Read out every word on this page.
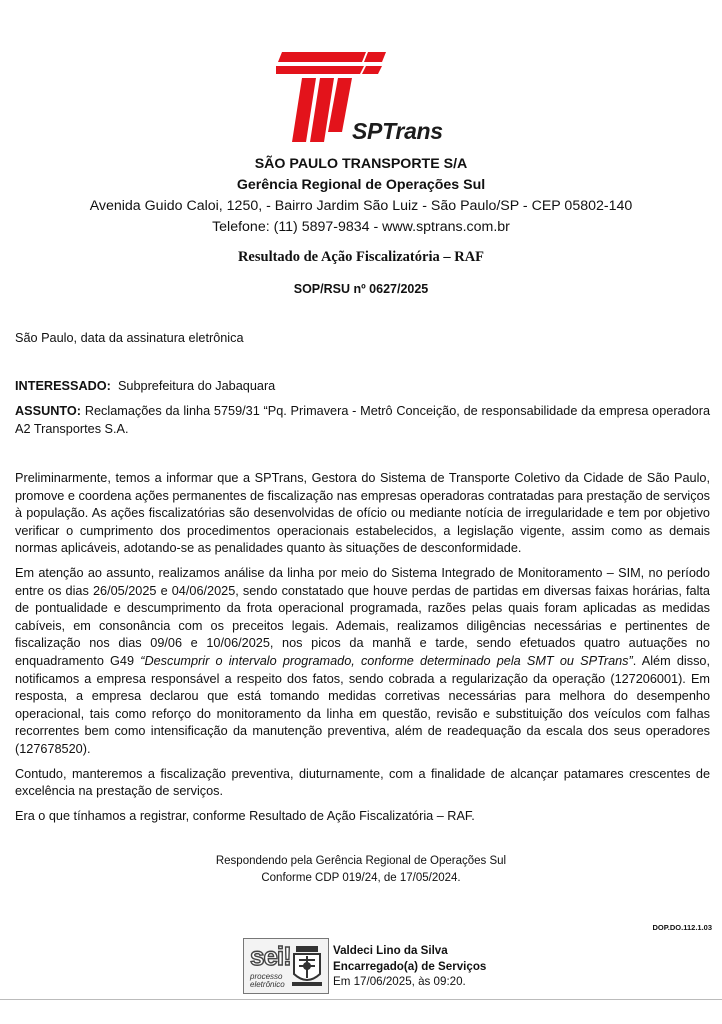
SPTrans
SÃO PAULO TRANSPORTE S/A
Gerência Regional de Operações Sul
Avenida Guido Caloi, 1250, - Bairro Jardim São Luiz - São Paulo/SP - CEP 05802-140
Telefone: (11) 5897-9834 - www.sptrans.com.br
Resultado de Ação Fiscalizatória – RAF
SOP/RSU nº 0627/2025
São Paulo, data da assinatura eletrônica
INTERESSADO: Subprefeitura do Jabaquara
ASSUNTO: Reclamações da linha 5759/31 “Pq. Primavera - Metrô Conceição, de responsabilidade da empresa operadora A2 Transportes S.A.

Preliminarmente, temos a informar que a SPTrans, Gestora do Sistema de Transporte Coletivo da Cidade de São Paulo, promove e coordena ações permanentes de fiscalização nas empresas operadoras contratadas para prestação de serviços à população. As ações fiscalizatórias são desenvolvidas de ofício ou mediante notícia de irregularidade e tem por objetivo verificar o cumprimento dos procedimentos operacionais estabelecidos, a legislação vigente, assim como as demais normas aplicáveis, adotando-se as penalidades quanto às situações de desconformidade.

Em atenção ao assunto, realizamos análise da linha por meio do Sistema Integrado de Monitoramento – SIM, no período entre os dias 26/05/2025 e 04/06/2025, sendo constatado que houve perdas de partidas em diversas faixas horárias, falta de pontualidade e descumprimento da frota operacional programada, razões pelas quais foram aplicadas as medidas cabíveis, em consonância com os preceitos legais. Ademais, realizamos diligências necessárias e pertinentes de fiscalização nos dias 09/06 e 10/06/2025, nos picos da manhã e tarde, sendo efetuados quatro autuações no enquadramento G49 “Descumprir o intervalo programado, conforme determinado pela SMT ou SPTrans”. Além disso, notificamos a empresa responsável a respeito dos fatos, sendo cobrada a regularização da operação (127206001). Em resposta, a empresa declarou que está tomando medidas corretivas necessárias para melhora do desempenho operacional, tais como reforço do monitoramento da linha em questão, revisão e substituição dos veículos com falhas recorrentes bem como intensificação da manutenção preventiva, além de readequação da escala dos seus operadores (127678520).

Contudo, manteremos a fiscalização preventiva, diuturnamente, com a finalidade de alcançar patamares crescentes de excelência na prestação de serviços.

Era o que tínhamos a registrar, conforme Resultado de Ação Fiscalizatória – RAF.

Respondendo pela Gerência Regional de Operações Sul
Conforme CDP 019/24, de 17/05/2024.
DOP.DO.112.1.03
sei!
processo
eletrônico
Valdeci Lino da Silva
Encarregado(a) de Serviços
Em 17/06/2025, às 09:20.
